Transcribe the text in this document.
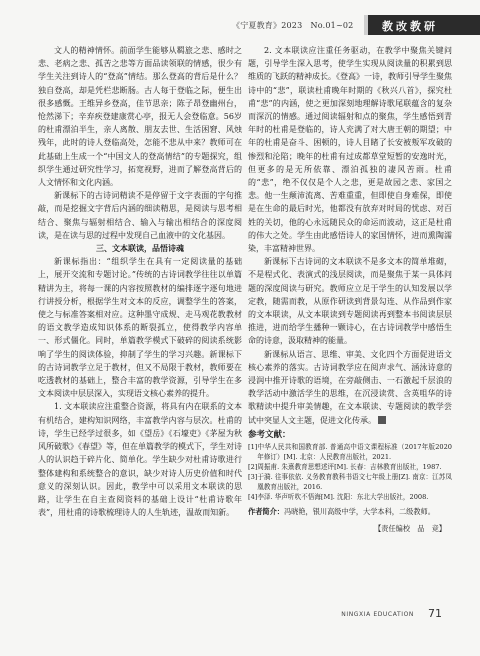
《宁夏教育》2023　No.01~02	教改教研

文人的精神情怀。前面学生能够从羁旅之悲、感时之悲、老病之悲、孤苦之悲等方面品读领联的情感，很少有学生关注到诗人的“登高”情结。那么登高的背后是什么？独自登高，却是凭栏悲断肠。古人每于登临之际，便生出很多感慨。王维异乡登高，佳节思亲；陈子昂登幽州台，怆然涕下；辛弃疾登建康赏心亭，报无人会登临意。56岁的杜甫漂泊半生，亲人离散、朋友去世、生活困窘、风烛残年，此时的诗人登临高处，怎能不悲从中来？教师可在此基础上生成一个“中国文人的登高情结”的专题探究，组织学生通过研究性学习，拓宽视野，进而了解登高背后的人文情怀和文化内涵。

新课标下的古诗词精读不是停留于文字表面的字句推敲，而是挖掘文字背后内涵的细读精思，是阅读与思考相结合、聚焦与辐射相结合、输入与输出相结合的深度阅读，是在读与思的过程中发现自己血液中的文化基因。

三、文本联读，品悟诗魂

新课标指出：“组织学生在具有一定阅读量的基础上，展开交流和专题讨论。”传统的古诗词教学往往以单篇精讲为主，将每一课的内容按照教材的编排逐字逐句地进行讲授分析，根据学生对文本的反应，调整学生的答案，使之与标准答案相对应。这种墨守成规、走马观花教教材的语文教学造成知识体系的断裂孤立，使得教学内容单一、形式僵化。同时，单篇教学模式下破碎的阅读系统影响了学生的阅读体验，抑制了学生的学习兴趣。新课标下的古诗词教学立足于教材，但又不局限于教材，教师要在吃透教材的基础上，整合丰富的教学资源，引导学生在多文本阅读中层层深入，实现语文核心素养的提升。

1. 文本联读应注重整合资源，将具有内在联系的文本有机结合，建构知识网络，丰富教学内容与层次。杜甫的诗，学生已经学过很多，如《望岳》《石壕吏》《茅屋为秋风所破歌》《春望》等，但在单篇教学的模式下，学生对诗人的认识趋于碎片化、简单化。学生缺少对杜甫诗歌进行整体建构和系统整合的意识，缺少对诗人历史价值和时代意义的深刻认识。因此，教学中可以采用文本联读的思路，让学生在自主查阅资料的基础上设计“杜甫诗歌年表”，用杜甫的诗歌梳理诗人的人生轨迹，温故而知新。

2. 文本联读应注重任务驱动，在教学中聚焦关键问题，引导学生深入思考，使学生实现从阅读量的积累到思维质的飞跃的精神成长。《登高》一诗，教师引导学生聚焦诗中的“悲”，联读杜甫晚年时期的《秋兴八首》，探究杜甫“悲”的内涵，使之更加深刻地理解诗歌尾联蕴含的复杂而深沉的情感。通过阅读辐射和点的聚焦，学生感悟到青年时的杜甫是登临的，诗人充满了对大唐王朝的期望；中年的杜甫是奋斗、困顿的，诗人目睹了长安被叛军攻破的惨烈和沦陷；晚年的杜甫有过成都草堂短暂的安逸时光，但更多的是无所依靠、漂泊孤独的凄风苦雨。杜甫的“悲”，绝不仅仅是个人之悲，更是故园之悲、家国之悲。他一生颠沛流离、苦难重重，但即使自身难保，即使是在生命的最后时光，他都没有放弃对时局的忧虑、对百姓的关切，他的心永远随民众的命运而波动，这正是杜甫的伟大之处。学生由此感悟诗人的家国情怀，进而熏陶濡染，丰富精神世界。

新课标下古诗词的文本联读不是多文本的简单堆砌，不是程式化、表演式的浅层阅读，而是聚焦于某一具体问题的深度阅读与研究。教师应立足于学生的认知发展以学定教，随需而教，从原作研读到背景勾连、从作品到作家的文本联读，从文本联读到专题阅读再到整本书阅读层层推进，进而给学生播种一颗诗心，在古诗词教学中感悟生命的诗意，汲取精神的能量。

新课标从语言、思维、审美、文化四个方面促进语文核心素养的落实。古诗词教学应在阅声求气、涵泳诗意的浸润中推开诗歌的语境，在旁敲侧击、一石激起千层浪的教学活动中激活学生的思维，在沉浸读赏、含英咀华的诗歌精读中提升审美情趣，在文本联读、专题阅读的教学尝试中突显人文主题，促进文化传承。

参考文献：

[1]中华人民共和国教育部. 普通高中语文课程标准（2017年版2020年修订）[M]. 北京：人民教育出版社，2021.

[2]周振甫. 朱熹教育思想述评[M]. 长春：吉林教育出版社，1987.

[3]于漪. 往事依依. 义务教育教科书语文七年级上册[Z]. 南京：江苏凤凰教育出版社，2016.

[4]李泽. 华声听吹不悟海[M]. 沈阳：东北大学出版社，2008.

作者简介：冯晓艳，银川高级中学，大学本科，二级教师。

【责任编校　品　竞】

NINGXIA EDUCATION 71
